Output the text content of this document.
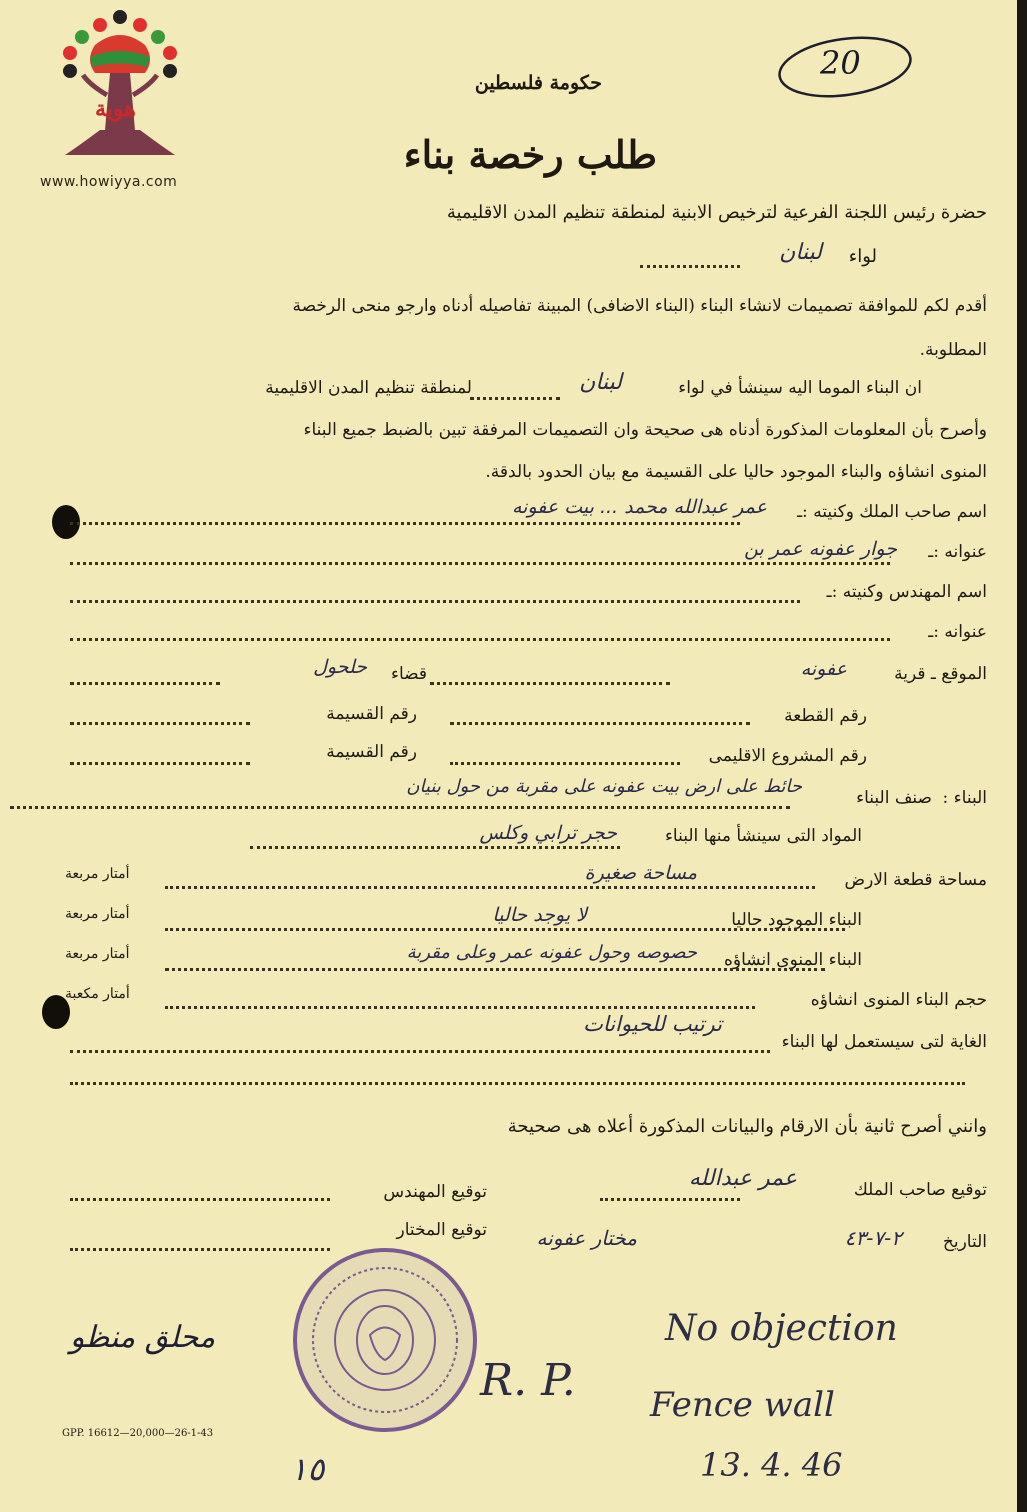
هوية
www.howiyya.com
20
حكومة فلسطين
طلب رخصة بناء
حضرة رئيس اللجنة الفرعية لترخيص الابنية لمنطقة تنظيم المدن الاقليمية
لواء
لبنان
أقدم لكم للموافقة تصميمات لانشاء البناء (البناء الاضافى) المبينة تفاصيله أدناه وارجو منحى الرخصة
المطلوبة.
ان البناء الموما اليه سينشأ في لواء
لبنان
لمنطقة تنظيم المدن الاقليمية
وأصرح بأن المعلومات المذكورة أدناه هى صحيحة وان التصميمات المرفقة تبين بالضبط جميع البناء
المنوى انشاؤه والبناء الموجود حاليا على القسيمة مع بيان الحدود بالدقة.
اسم صاحب الملك وكنيته :ـ
عمر عبدالله محمد ... بيت عفونه
عنوانه :ـ
جوار عفونه عمر بن
اسم المهندس وكنيته :ـ
عنوانه :ـ
الموقع ـ قرية
عفونه
قضاء
حلحول
رقم القطعة
رقم القسيمة
رقم المشروع الاقليمى
رقم القسيمة
البناء :
صنف البناء
حائط على ارض بيت عفونه على مقربة من حول بنيان
المواد التى سينشأ منها البناء
حجر ترابي وكلس
مساحة قطعة الارض
مساحة صغيرة
أمتار مربعة
البناء الموجود حاليا
لا يوجد حاليا
أمتار مربعة
البناء المنوى انشاؤه
حصوصه وحول عفونه عمر وعلى مقربة
أمتار مربعة
حجم البناء المنوى انشاؤه
أمتار مكعبة
الغاية لتى سيستعمل لها البناء
ترتيب للحيوانات
وانني أصرح ثانية بأن الارقام والبيانات المذكورة أعلاه هى صحيحة
توقيع صاحب الملك
عمر عبدالله
توقيع المهندس
التاريخ
٢-٧-٤٣
مختار عفونه
توقيع المختار
محلق منظو
R. P.
No objection
Fence wall
13. 4. 46
١٥
GPP. 16612—20,000—26-1-43
